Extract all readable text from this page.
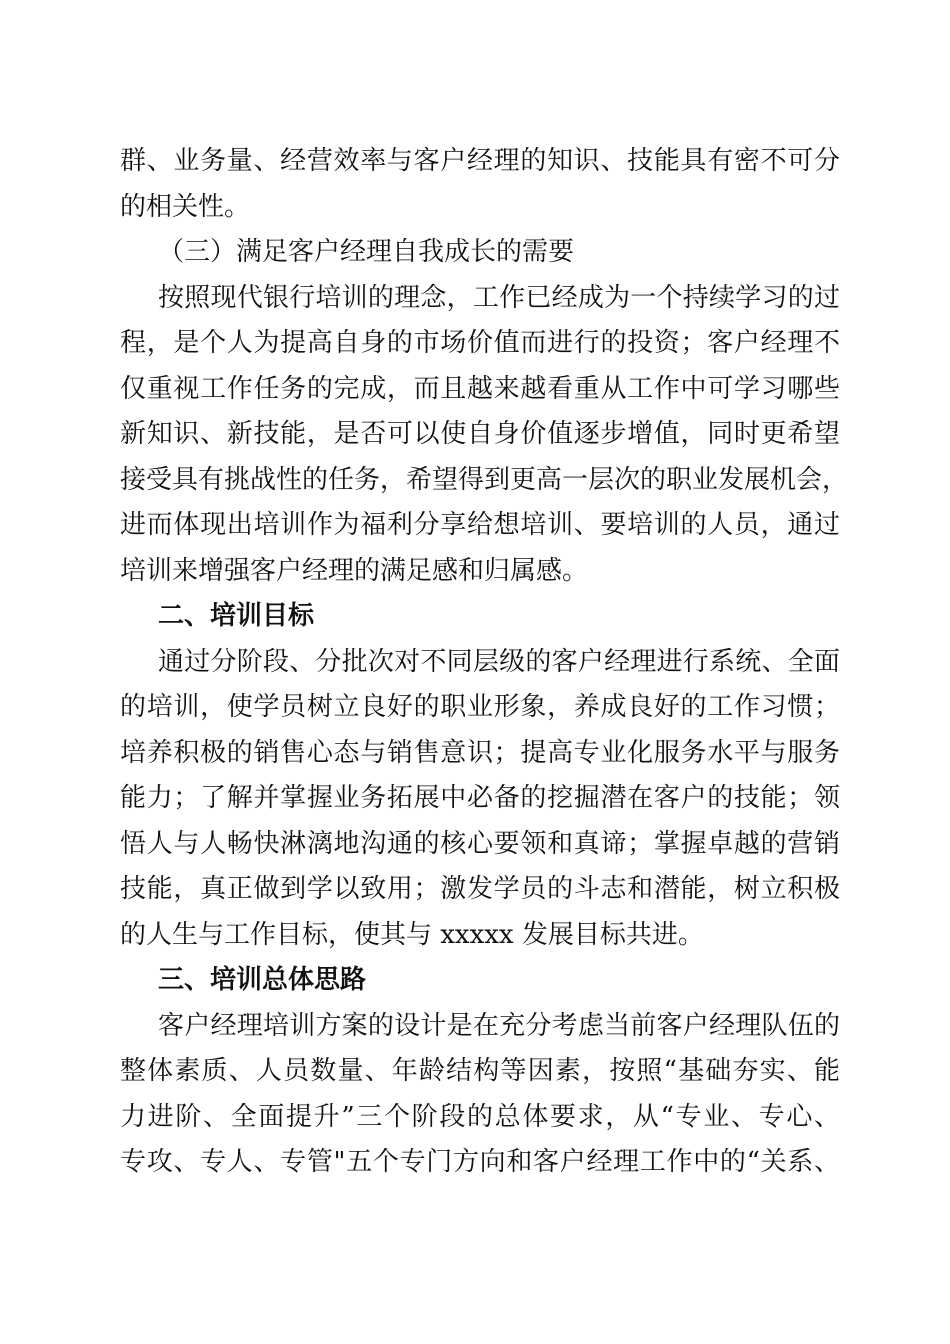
群、业务量、经营效率与客户经理的知识、技能具有密不可分
的相关性。
（三）满足客户经理自我成长的需要
按照现代银行培训的理念，工作已经成为一个持续学习的过
程，是个人为提高自身的市场价值而进行的投资；客户经理不
仅重视工作任务的完成，而且越来越看重从工作中可学习哪些
新知识、新技能，是否可以使自身价值逐步增值，同时更希望
接受具有挑战性的任务，希望得到更高一层次的职业发展机会，
进而体现出培训作为福利分享给想培训、要培训的人员，通过
培训来增强客户经理的满足感和归属感。
二、培训目标
通过分阶段、分批次对不同层级的客户经理进行系统、全面
的培训，使学员树立良好的职业形象，养成良好的工作习惯；
培养积极的销售心态与销售意识；提高专业化服务水平与服务
能力；了解并掌握业务拓展中必备的挖掘潜在客户的技能；领
悟人与人畅快淋漓地沟通的核心要领和真谛；掌握卓越的营销
技能，真正做到学以致用；激发学员的斗志和潜能，树立积极
的人生与工作目标，使其与 xxxxx 发展目标共进。
三、培训总体思路
客户经理培训方案的设计是在充分考虑当前客户经理队伍的
整体素质、人员数量、年龄结构等因素，按照“基础夯实、能
力进阶、全面提升”三个阶段的总体要求，从“专业、专心、
专攻、专人、专管"五个专门方向和客户经理工作中的“关系、
